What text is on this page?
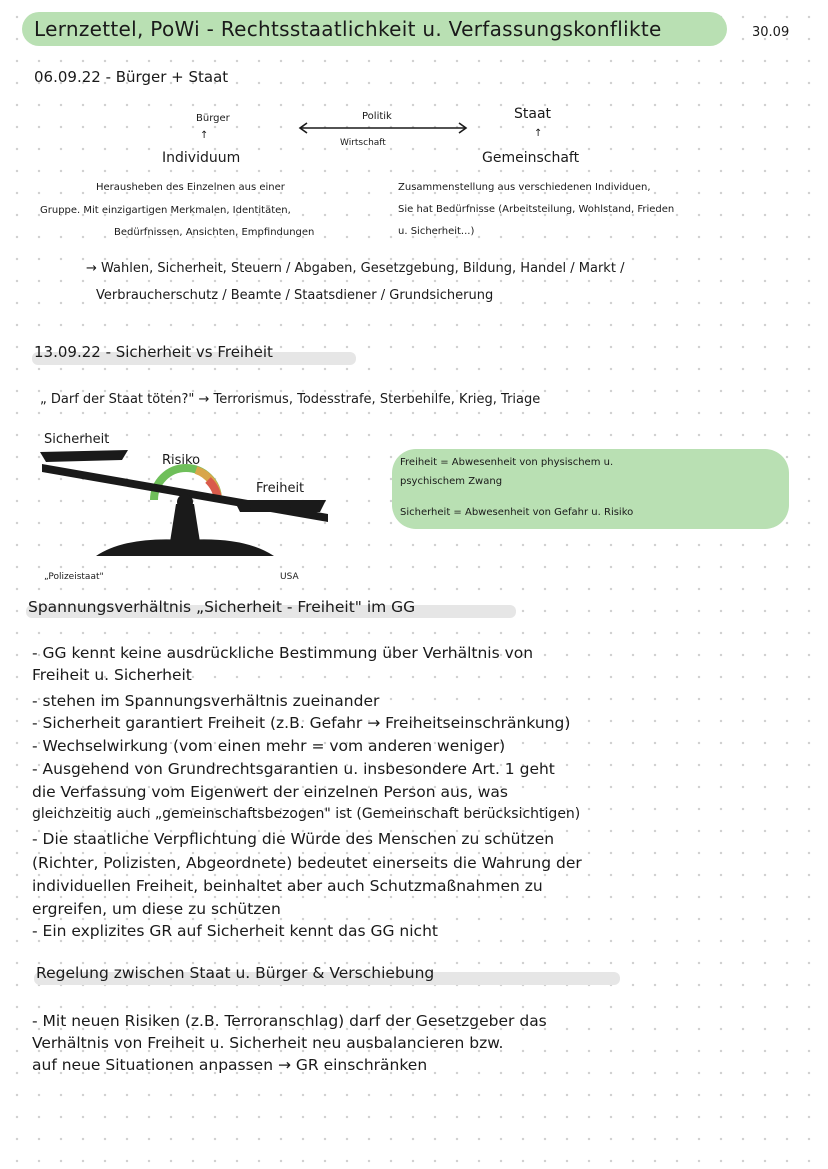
Lernzettel, PoWi - Rechtsstaatlichkeit u. Verfassungskonflikte	30.09
06.09.22 - Bürger + Staat
Bürger
↑
Individuum
Politik
Wirtschaft
Staat
↑
Gemeinschaft
Herausheben des Einzelnen aus einer
Gruppe. Mit einzigartigen Merkmalen, Identitäten,
Bedürfnissen, Ansichten, Empfindungen
Zusammenstellung aus verschiedenen Individuen,
Sie hat Bedürfnisse (Arbeitsteilung, Wohlstand, Frieden
u. Sicherheit...)
→ Wahlen, Sicherheit, Steuern / Abgaben, Gesetzgebung, Bildung, Handel / Markt /
Verbraucherschutz / Beamte / Staatsdiener / Grundsicherung
13.09.22 - Sicherheit vs Freiheit
„ Darf der Staat töten?" → Terrorismus, Todesstrafe, Sterbehilfe, Krieg, Triage
Sicherheit
Risiko
Freiheit
„Polizeistaat"	USA
Freiheit = Abwesenheit von physischem u.
psychischem Zwang
Sicherheit = Abwesenheit von Gefahr u. Risiko
Spannungsverhältnis „Sicherheit - Freiheit" im GG
- GG kennt keine ausdrückliche Bestimmung über Verhältnis von
Freiheit u. Sicherheit
- stehen im Spannungsverhältnis zueinander
- Sicherheit garantiert Freiheit (z.B. Gefahr → Freiheitseinschränkung)
- Wechselwirkung (vom einen mehr = vom anderen weniger)
- Ausgehend von Grundrechtsgarantien u. insbesondere Art. 1 geht
die Verfassung vom Eigenwert der einzelnen Person aus, was
gleichzeitig auch „gemeinschaftsbezogen" ist (Gemeinschaft berücksichtigen)
- Die staatliche Verpflichtung die Würde des Menschen zu schützen
(Richter, Polizisten, Abgeordnete) bedeutet einerseits die Wahrung der
individuellen Freiheit, beinhaltet aber auch Schutzmaßnahmen zu
ergreifen, um diese zu schützen
- Ein explizites GR auf Sicherheit kennt das GG nicht
Regelung zwischen Staat u. Bürger & Verschiebung
- Mit neuen Risiken (z.B. Terroranschlag) darf der Gesetzgeber das
Verhältnis von Freiheit u. Sicherheit neu ausbalancieren bzw.
auf neue Situationen anpassen → GR einschränken
